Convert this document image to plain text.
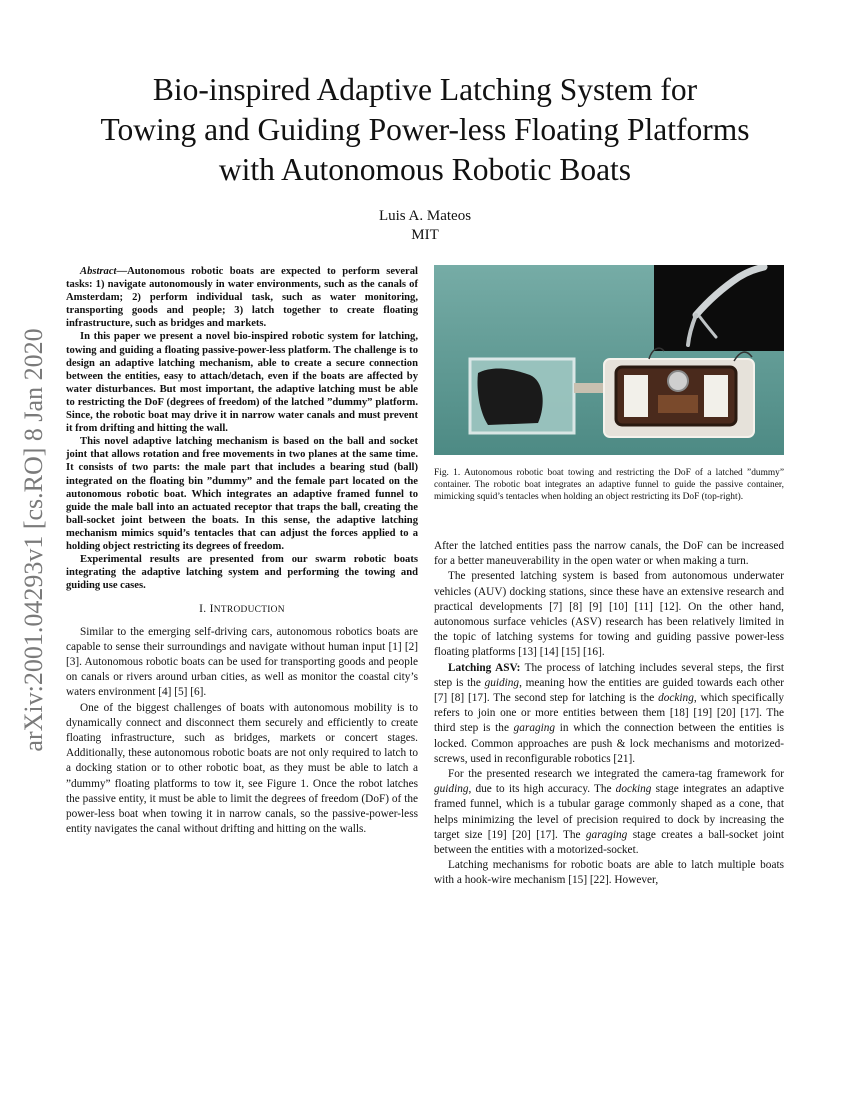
arXiv:2001.04293v1 [cs.RO] 8 Jan 2020
Bio-inspired Adaptive Latching System for
Towing and Guiding Power-less Floating Platforms
with Autonomous Robotic Boats
Luis A. Mateos
MIT

Abstract—Autonomous robotic boats are expected to perform several tasks: 1) navigate autonomously in water environments, such as the canals of Amsterdam; 2) perform individual task, such as water monitoring, transporting goods and people; 3) latch together to create floating infrastructure, such as bridges and markets.

In this paper we present a novel bio-inspired robotic system for latching, towing and guiding a floating passive-power-less platform. The challenge is to design an adaptive latching mechanism, able to create a secure connection between the entities, easy to attach/detach, even if the boats are affected by water disturbances. But most important, the adaptive latching must be able to restricting the DoF (degrees of freedom) of the latched ”dummy” platform. Since, the robotic boat may drive it in narrow water canals and must prevent it from drifting and hitting the wall.

This novel adaptive latching mechanism is based on the ball and socket joint that allows rotation and free movements in two planes at the same time. It consists of two parts: the male part that includes a bearing stud (ball) integrated on the floating bin ”dummy” and the female part located on the autonomous robotic boat. Which integrates an adaptive framed funnel to guide the male ball into an actuated receptor that traps the ball, creating the ball-socket joint between the boats. In this sense, the adaptive latching mechanism mimics squid’s tentacles that can adjust the forces applied to a holding object restricting its degrees of freedom.

Experimental results are presented from our swarm robotic boats integrating the adaptive latching system and performing the towing and guiding use cases.

I. INTRODUCTION

Similar to the emerging self-driving cars, autonomous robotics boats are capable to sense their surroundings and navigate without human input [1] [2] [3]. Autonomous robotic boats can be used for transporting goods and people on canals or rivers around urban cities, as well as monitor the coastal city’s waters environment [4] [5] [6].

One of the biggest challenges of boats with autonomous mobility is to dynamically connect and disconnect them securely and efficiently to create floating infrastructure, such as bridges, markets or concert stages. Additionally, these autonomous robotic boats are not only required to latch to a docking station or to other robotic boat, as they must be able to latch a ”dummy” floating platforms to tow it, see Figure 1. Once the robot latches the passive entity, it must be able to limit the degrees of freedom (DoF) of the power-less boat when towing it in narrow canals, so the passive-power-less entity navigates the canal without drifting and hitting on the walls.

Fig. 1. Autonomous robotic boat towing and restricting the DoF of a latched ”dummy” container. The robotic boat integrates an adaptive funnel to guide the passive container, mimicking squid’s tentacles when holding an object restricting its DoF (top-right).

After the latched entities pass the narrow canals, the DoF can be increased for a better maneuverability in the open water or when making a turn.

The presented latching system is based from autonomous underwater vehicles (AUV) docking stations, since these have an extensive research and practical developments [7] [8] [9] [10] [11] [12]. On the other hand, autonomous surface vehicles (ASV) research has been relatively limited in the topic of latching systems for towing and guiding passive power-less floating platforms [13] [14] [15] [16].

Latching ASV: The process of latching includes several steps, the first step is the guiding, meaning how the entities are guided towards each other [7] [8] [17]. The second step for latching is the docking, which specifically refers to join one or more entities between them [18] [19] [20] [17]. The third step is the garaging in which the connection between the entities is locked. Common approaches are push & lock mechanisms and motorized-screws, used in reconfigurable robotics [21].

For the presented research we integrated the camera-tag framework for guiding, due to its high accuracy. The docking stage integrates an adaptive framed funnel, which is a tubular garage commonly shaped as a cone, that helps minimizing the level of precision required to dock by increasing the target size [19] [20] [17]. The garaging stage creates a ball-socket joint between the entities with a motorized-socket.

Latching mechanisms for robotic boats are able to latch multiple boats with a hook-wire mechanism [15] [22]. However,
